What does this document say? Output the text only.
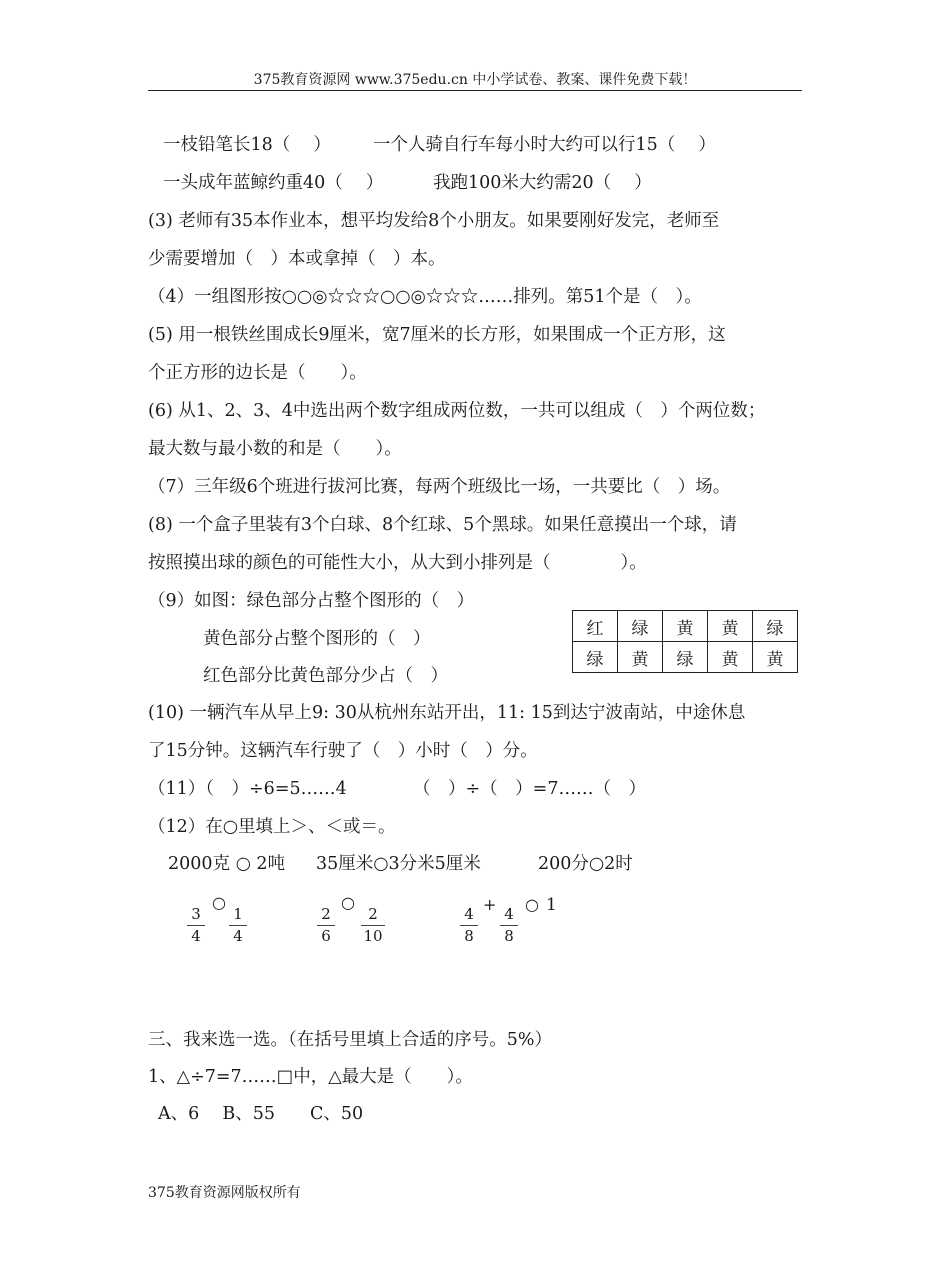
375教育资源网 www.375edu.cn 中小学试卷、教案、课件免费下载！
一枝铅笔长18（　 ） 一个人骑自行车每小时大约可以行15（　 ）
一头成年蓝鲸约重40（　 ）	我跑100米大约需20（　 ）
(3) 老师有35本作业本，想平均发给8个小朋友。如果要刚好发完，老师至
少需要增加（　）本或拿掉（　）本。
（4）一组图形按○○◎☆☆☆○○◎☆☆☆……排列。第51个是（　）。
(5) 用一根铁丝围成长9厘米，宽7厘米的长方形，如果围成一个正方形，这
个正方形的边长是（　　）。
(6) 从1、2、3、4中选出两个数字组成两位数，一共可以组成（　）个两位数；
最大数与最小数的和是（　　）。
（7）三年级6个班进行拔河比赛，每两个班级比一场，一共要比（　）场。
(8) 一个盒子里装有3个白球、8个红球、5个黑球。如果任意摸出一个球，请
按照摸出球的颜色的可能性大小，从大到小排列是（　　　　）。
（9）如图：绿色部分占整个图形的（　）
黄色部分占整个图形的（　）
红色部分比黄色部分少占（　）
红	绿	黄	黄	绿
绿	黄	绿	黄	黄
(10) 一辆汽车从早上9: 30从杭州东站开出，11: 15到达宁波南站，中途休息
了15分钟。这辆汽车行驶了（　）小时（　）分。
（11）（　）÷6=5……4	（　）÷（　）=7……（　）
（12）在○里填上＞、＜或＝。
2000克 ○ 2吨 35厘米○3分米5厘米	200分○2时
3
4
○
1
4
2
6
○
2
10
4
8
+ 4
8
○ 1
三、我来选一选。（在括号里填上合适的序号。5%）
1、△÷7=7……□中，△最大是（　　）。
A、6　 B、55　　C、50
375教育资源网版权所有
